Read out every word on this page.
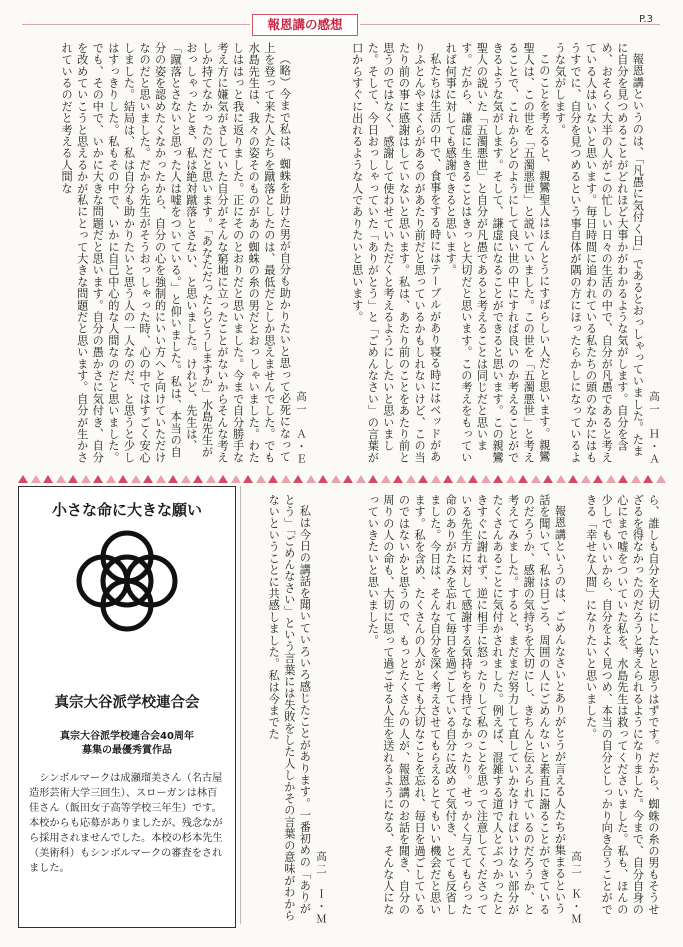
報恩講の感想	P.3
高一　Ｈ・Ａ

報恩講というのは、「凡愚に気付く日」であるとおっしゃっていました。たまに自分を見つめることがどれほど大事かがわかるような気がします。自分を含め、おそらく大半の人がこの忙しい日々の生活の中で、自分が凡愚であると考えている人はいないと思います。毎日時間に追われている私たちの頭のなかにはもうすでに、自分を見つめるという事自体が隅の方にほったらかしになっているような気がします。

このことを考えると、親鸞聖人はほんとうにすばらしい人だと思います。親鸞聖人は、この世を「五濁悪世」と説いていました。この世を「五濁悪世」と考えることで、これからどのようにして良い世の中にすれば良いのか考えることができるような気がします。そして、謙虚になることができると思います。この親鸞聖人の説いた「五濁悪世」と自分が凡愚であると考えることは同じだと思います。だから、謙虚に生きることはきっと大切だと思います。この考えをもっていれば何事に対しても感謝できると思います。

私たちは生活の中で、食事をする時にはテーブルがあり寝る時にはベッドがありふとんやまくらがあるのがあたり前だと思っているかもしれないけど、この当たり前の事に感謝はしていないと思います。私は、あたり前のことをあたり前と思うのではなく、感謝して使わせていただくと考えるようにしたいと思いました。そして、今日おっしゃっていた「ありがとう」と「ごめんなさい」の言葉が口からすぐに出れるような人でありたいと思います。

高一　Ａ・Ｅ

（略）今まで私は、蜘蛛を助けた男が自分も助かりたいと思って必死になって上を登って来た人たちを蹴落としたのは、最低だとしか思えませんでした。でも水島先生は、我々の姿そのものがあの蜘蛛の糸の男だとおっしゃいました。わたしははっと我に返りました。正にそのとおりだと思いました。今まで自分勝手な考え方に嫌気がさしていた自分がそんな窮地に立ったことがないからそんな考えしか持てなかったのだと思います。「あなただったらどうしますか」水島先生がおっしゃったとき、私は絶対蹴落とさない、と思いました。けれど、先生は、「蹴落とさないと思った人は嘘をついている。」と仰いました。私は、本当の自分の姿を認めたくなかったから、自分の心を強制的にいい方へと向けていただけなのだと思いました。だから先生がそうおっしゃった時、心の中ではすごく安心しました。結局は、私は自分も助かりたいと思う人の一人なのだ、と思うと少しはすっきりした。私もその中で、いかに自己中心的な人間なのだと思いました。でも、その中で、いかに大きな問題だと思います。自分の愚かさに気付き、自分を改めていこうと思えるかが私にとって大きな問題だと思います。自分が生かされているのだと考える人間な

ら、誰しも自分を大切にしたいと思うはずです。だから、蜘蛛の糸の男もそうせざるを得なかったのだろうと考えられるようになりました。今まで、自分自身の心にまで嘘をついていた私を、水島先生は救ってくださいました。私も、ほんの少しでもいいから、自分をよく見つめ、本当の自分としっかり向き合うことができる「幸せな人間」になりたいと思いました。

高二　Ｋ・Ｍ

報恩講というのは、ごめんなさいとありがとうが言える人たちが集まるという話を聞いて、私は日ごろ、周囲の人にごめんないと素直に謝ることができているのだろうか、感謝の気持ちを大切にし、きちんと伝えられているのだろうか、と考えてみました。すると、まだまだ努力して直していかなければいけない部分がたくさんあることに気付かされました。例えば、混雑する道で人とぶつかったときすぐに謝れず、逆に相手に怒ったりして私のことを思って注意してくださっている先生方に対して感謝する気持ちを持てなかったり。せっかく与えてもらった命のありがたみを忘れて毎日を過ごしている自分に改めて気付き、とても反省しました。今日は、そんな自分を深く考えさせてもらえるとてもいい機会だと思います。私を含め、たくさんの人がとても大切なことを忘れ、毎日を過ごしているのではないかと思うので、もっとたくさんの人が、報恩講のお話を聞き、自分の周りの人の命も、大切に思って過ごせる人生を送れるようになる、そんな人になっていきたいと思いました。

高二　Ｉ・Ｍ

私は今日の講話を聞いていろいろ感じたことがあります。一番初めの「ありがとう」「ごめんなさい」という言葉には失敗をした人しかその言葉の意味がわからないということに共感しました。私は今までた

小さな命に大きな願い
真宗大谷派学校連合会
真宗大谷派学校連合会40周年
募集の最優秀賞作品
シンボルマークは成瀬瑠美さん（名古屋造形芸術大学三回生）、スローガンは林百佳さん（飯田女子高等学校三年生）です。本校からも応募がありましたが、残念ながら採用されませんでした。本校の杉本先生（美術科）もシンボルマークの審査をされました。
